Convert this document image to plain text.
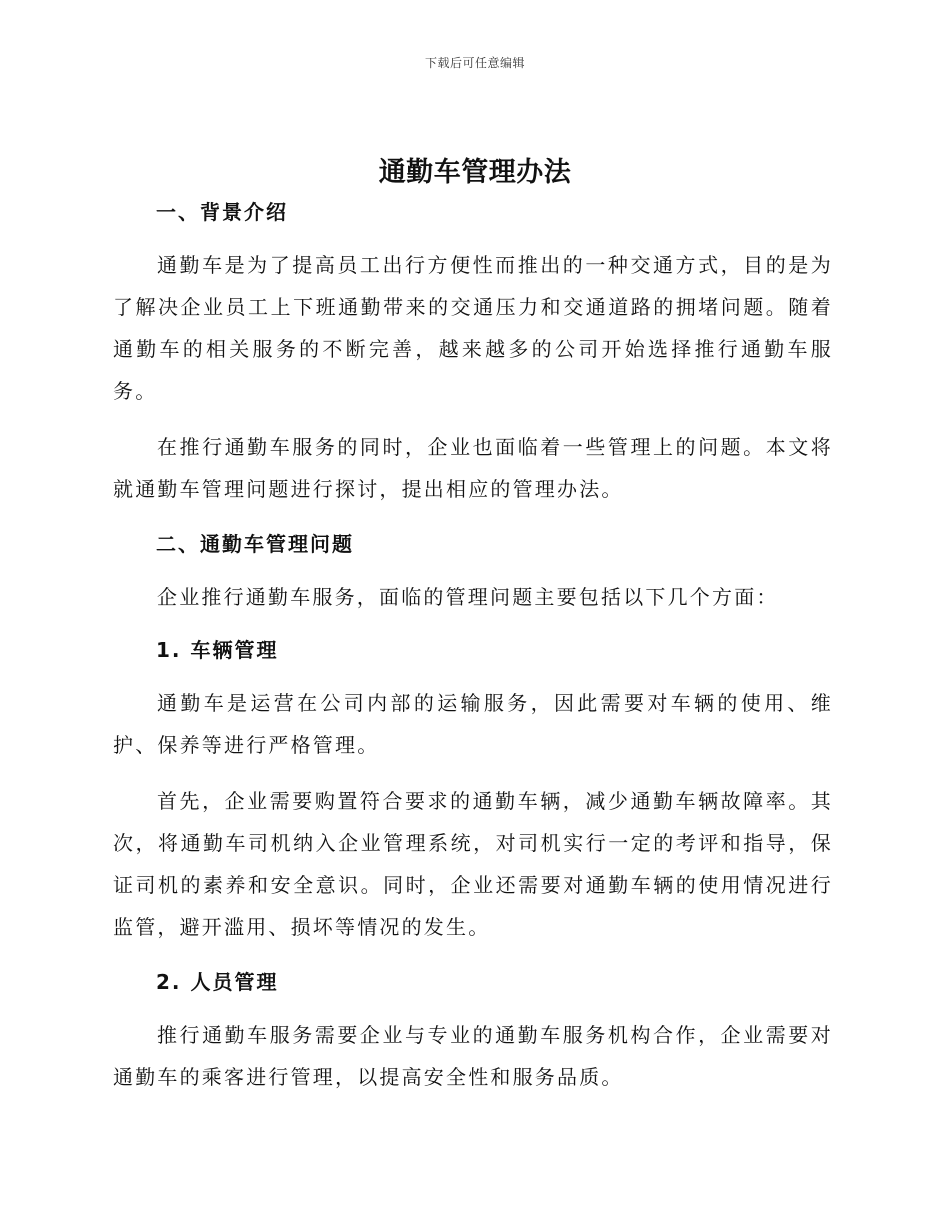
下载后可任意编辑
通勤车管理办法
一、背景介绍

通勤车是为了提高员工出行方便性而推出的一种交通方式，目的是为了解决企业员工上下班通勤带来的交通压力和交通道路的拥堵问题。随着通勤车的相关服务的不断完善，越来越多的公司开始选择推行通勤车服务。

在推行通勤车服务的同时，企业也面临着一些管理上的问题。本文将就通勤车管理问题进行探讨，提出相应的管理办法。

二、通勤车管理问题

企业推行通勤车服务，面临的管理问题主要包括以下几个方面：

1. 车辆管理

通勤车是运营在公司内部的运输服务，因此需要对车辆的使用、维护、保养等进行严格管理。

首先，企业需要购置符合要求的通勤车辆，减少通勤车辆故障率。其次，将通勤车司机纳入企业管理系统，对司机实行一定的考评和指导，保证司机的素养和安全意识。同时，企业还需要对通勤车辆的使用情况进行监管，避开滥用、损坏等情况的发生。

2. 人员管理

推行通勤车服务需要企业与专业的通勤车服务机构合作，企业需要对通勤车的乘客进行管理，以提高安全性和服务品质。
